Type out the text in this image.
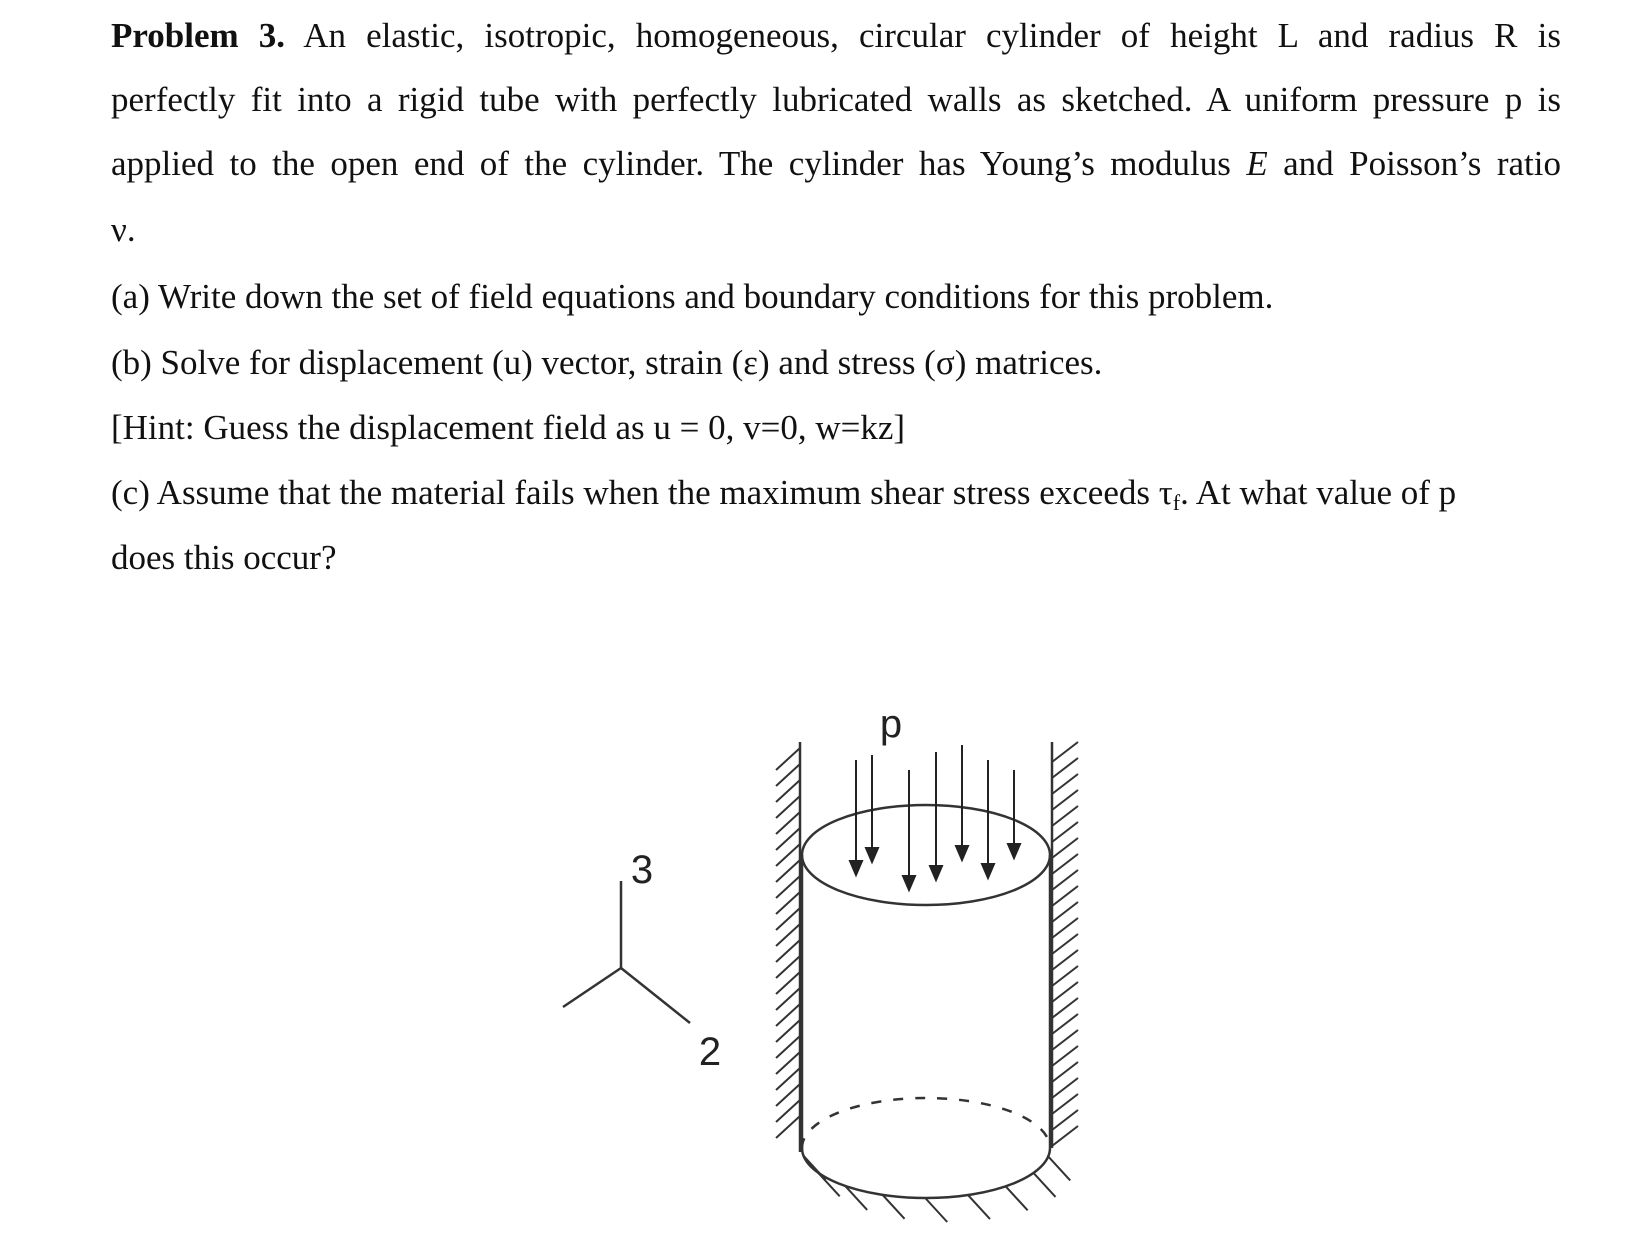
Problem 3. An elastic, isotropic, homogeneous, circular cylinder of height L and radius R is
perfectly fit into a rigid tube with perfectly lubricated walls as sketched. A uniform pressure p is
applied to the open end of the cylinder. The cylinder has Young’s modulus E and Poisson’s ratio
ν.
(a) Write down the set of field equations and boundary conditions for this problem.
(b) Solve for displacement (u) vector, strain (ε) and stress (σ) matrices.
[Hint: Guess the displacement field as u = 0, v=0, w=kz]
(c) Assume that the material fails when the maximum shear stress exceeds $\tau_f$. At what value of p
does this occur?
3
2
p
